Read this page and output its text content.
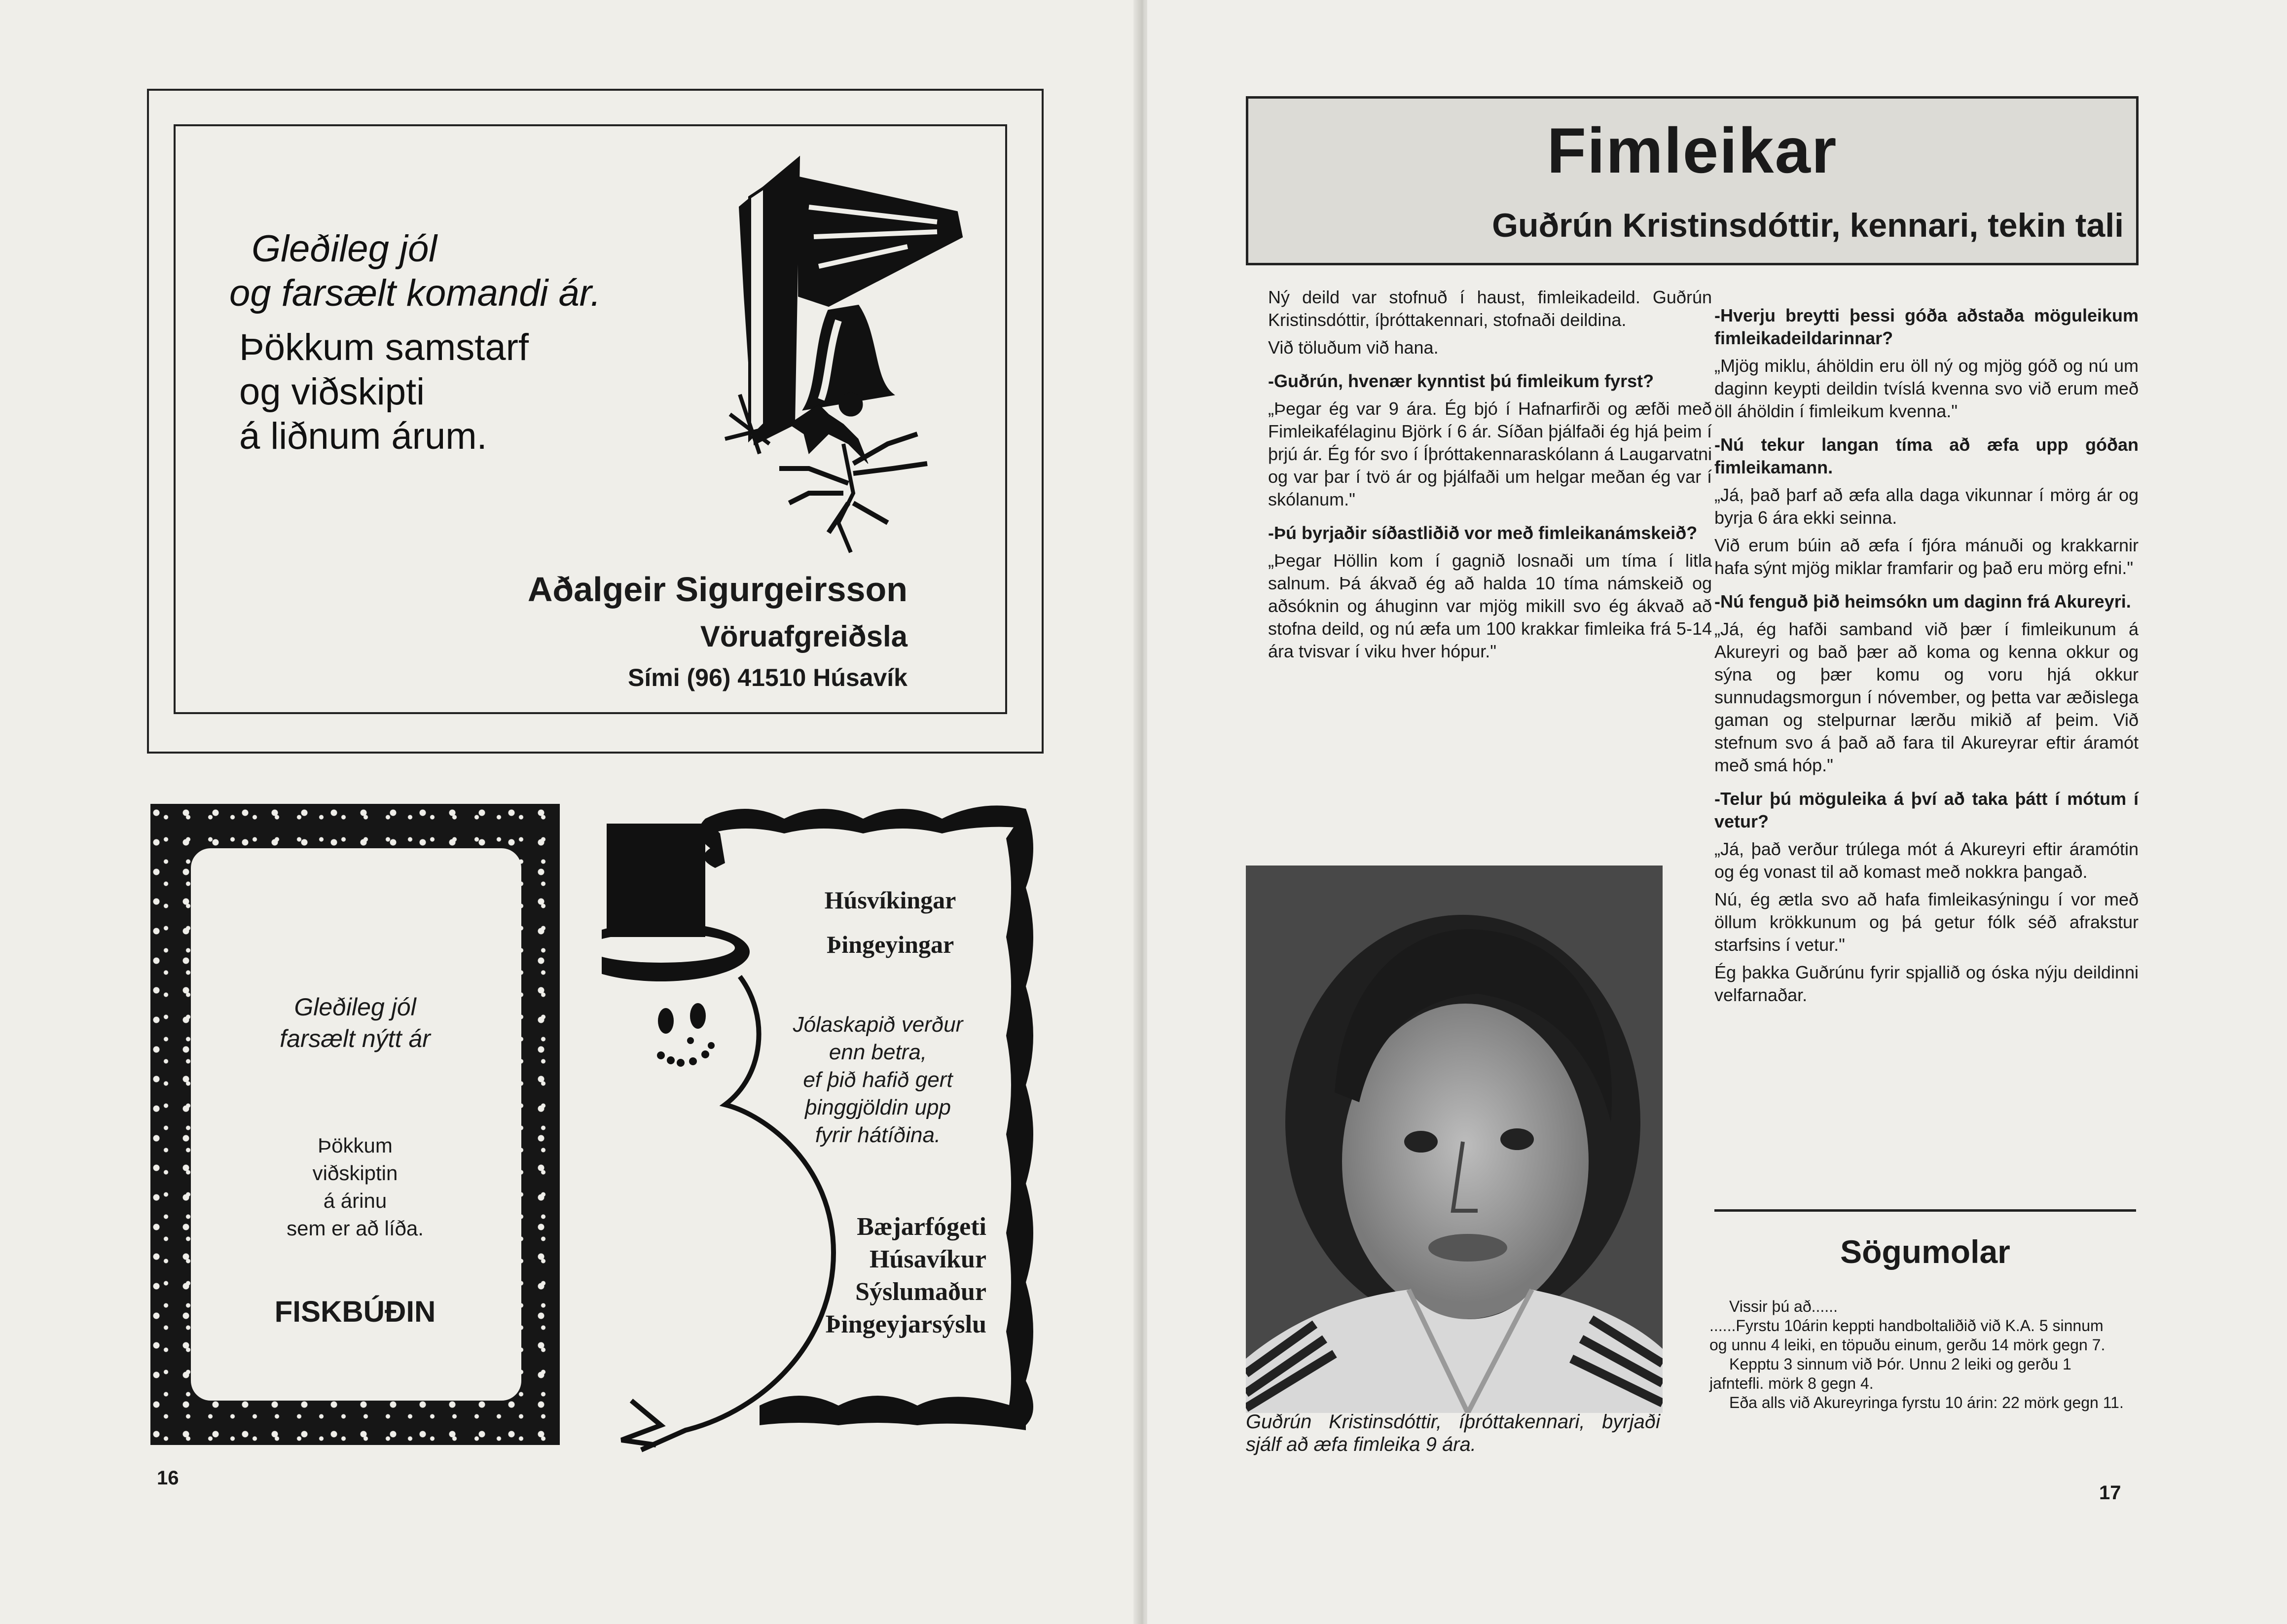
Gleðileg jól
og farsælt komandi ár.
Þökkum samstarf
og viðskipti
á liðnum árum.
Aðalgeir Sigurgeirsson
Vöruafgreiðsla
Sími (96) 41510 Húsavík
Gleðileg jól
farsælt nýtt ár
Þökkum
viðskiptin
á árinu
sem er að líða.
FISKBÚÐIN
Húsvíkingar
Þingeyingar
Jólaskapið verður
enn betra,
ef þið hafið gert
þinggjöldin upp
fyrir hátíðina.
Bæjarfógeti
Húsavíkur
Sýslumaður
Þingeyjarsýslu
16
Fimleikar
Guðrún Kristinsdóttir, kennari, tekin tali

Ný deild var stofnuð í haust, fimleikadeild. Guðrún Kristinsdóttir, íþróttakennari, stofnaði deildina.

Við töluðum við hana.

-Guðrún, hvenær kynntist þú fimleikum fyrst?

„Þegar ég var 9 ára. Ég bjó í Hafnarfirði og æfði með Fimleikafélaginu Björk í 6 ár. Síðan þjálfaði ég hjá þeim í þrjú ár. Ég fór svo í Íþróttakennaraskólann á Laugarvatni og var þar í tvö ár og þjálfaði um helgar meðan ég var í skólanum."

-Þú byrjaðir síðastliðið vor með fimleikanámskeið?

„Þegar Höllin kom í gagnið losnaði um tíma í litla salnum. Þá ákvað ég að halda 10 tíma námskeið og aðsóknin og áhuginn var mjög mikill svo ég ákvað að stofna deild, og nú æfa um 100 krakkar fimleika frá 5-14 ára tvisvar í viku hver hópur."

Guðrún Kristinsdóttir, íþróttakennari, byrjaði sjálf að æfa fimleika 9 ára.

-Hverju breytti þessi góða aðstaða möguleikum fimleikadeildarinnar?

„Mjög miklu, áhöldin eru öll ný og mjög góð og nú um daginn keypti deildin tvíslá kvenna svo við erum með öll áhöldin í fimleikum kvenna."

-Nú tekur langan tíma að æfa upp góðan fimleikamann.

„Já, það þarf að æfa alla daga vikunnar í mörg ár og byrja 6 ára ekki seinna.

Við erum búin að æfa í fjóra mánuði og krakkarnir hafa sýnt mjög miklar framfarir og það eru mörg efni."

-Nú fenguð þið heimsókn um daginn frá Akureyri.

„Já, ég hafði samband við þær í fimleikunum á Akureyri og bað þær að koma og kenna okkur og sýna og þær komu og voru hjá okkur sunnudagsmorgun í nóvember, og þetta var æðislega gaman og stelpurnar lærðu mikið af þeim. Við stefnum svo á það að fara til Akureyrar eftir áramót með smá hóp."

-Telur þú möguleika á því að taka þátt í mótum í vetur?

„Já, það verður trúlega mót á Akureyri eftir áramótin og ég vonast til að komast með nokkra þangað.

Nú, ég ætla svo að hafa fimleikasýningu í vor með öllum krökkunum og þá getur fólk séð afrakstur starfsins í vetur."

Ég þakka Guðrúnu fyrir spjallið og óska nýju deildinni velfarnaðar.

Sögumolar
Vissir þú að......
......Fyrstu 10árin keppti handboltaliðið við K.A. 5 sinnum og unnu 4 leiki, en töpuðu einum, gerðu 14 mörk gegn 7.
Kepptu 3 sinnum við Þór. Unnu 2 leiki og gerðu 1 jafntefli. mörk 8 gegn 4.
Eða alls við Akureyringa fyrstu 10 árin: 22 mörk gegn 11.
17
